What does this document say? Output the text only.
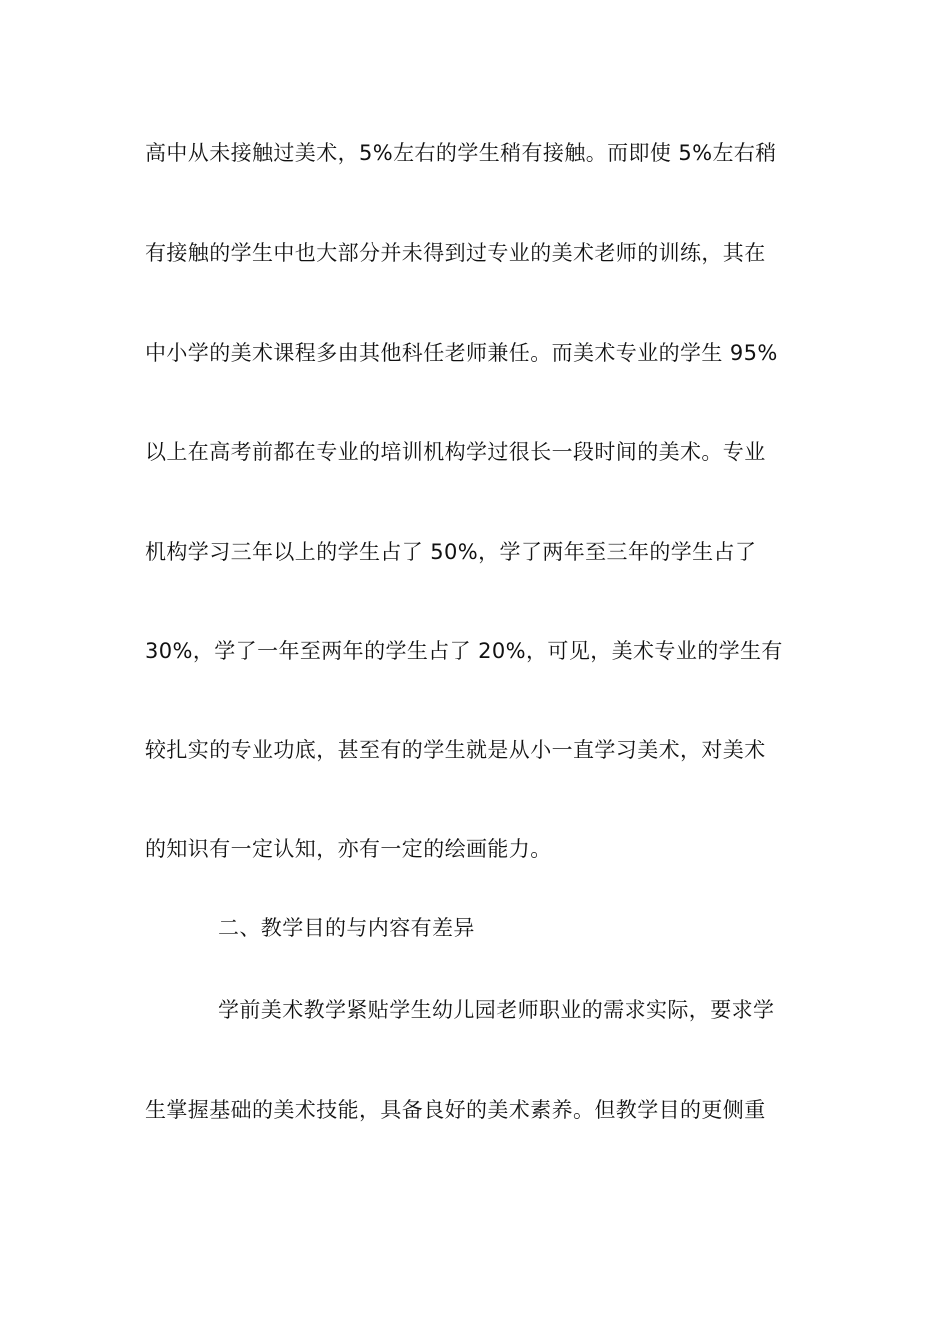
高中从未接触过美术，5%左右的学生稍有接触。而即使 5%左右稍
有接触的学生中也大部分并未得到过专业的美术老师的训练，其在
中小学的美术课程多由其他科任老师兼任。而美术专业的学生 95%
以上在高考前都在专业的培训机构学过很长一段时间的美术。专业
机构学习三年以上的学生占了 50%，学了两年至三年的学生占了
30%，学了一年至两年的学生占了 20%，可见，美术专业的学生有
较扎实的专业功底，甚至有的学生就是从小一直学习美术，对美术
的知识有一定认知，亦有一定的绘画能力。
二、教学目的与内容有差异
学前美术教学紧贴学生幼儿园老师职业的需求实际，要求学
生掌握基础的美术技能，具备良好的美术素养。但教学目的更侧重
